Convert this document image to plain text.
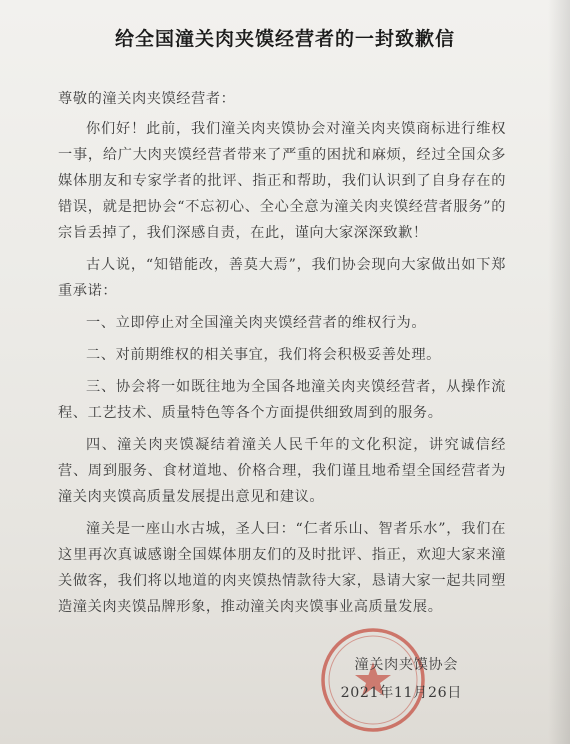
给全国潼关肉夹馍经营者的一封致歉信

尊敬的潼关肉夹馍经营者：

你们好！此前，我们潼关肉夹馍协会对潼关肉夹馍商标进行维权一事，给广大肉夹馍经营者带来了严重的困扰和麻烦，经过全国众多媒体朋友和专家学者的批评、指正和帮助，我们认识到了自身存在的错误，就是把协会“不忘初心、全心全意为潼关肉夹馍经营者服务”的宗旨丢掉了，我们深感自责，在此，谨向大家深深致歉！

古人说，“知错能改，善莫大焉”，我们协会现向大家做出如下郑重承诺：

一、立即停止对全国潼关肉夹馍经营者的维权行为。

二、对前期维权的相关事宜，我们将会积极妥善处理。

三、协会将一如既往地为全国各地潼关肉夹馍经营者，从操作流程、工艺技术、质量特色等各个方面提供细致周到的服务。

四、潼关肉夹馍凝结着潼关人民千年的文化积淀，讲究诚信经营、周到服务、食材道地、价格合理，我们谨且地希望全国经营者为潼关肉夹馍高质量发展提出意见和建议。

潼关是一座山水古城，圣人曰：“仁者乐山、智者乐水”，我们在这里再次真诚感谢全国媒体朋友们的及时批评、指正，欢迎大家来潼关做客，我们将以地道的肉夹馍热情款待大家，恳请大家一起共同塑造潼关肉夹馍品牌形象，推动潼关肉夹馍事业高质量发展。

潼关肉夹馍协会
2021年11月26日
